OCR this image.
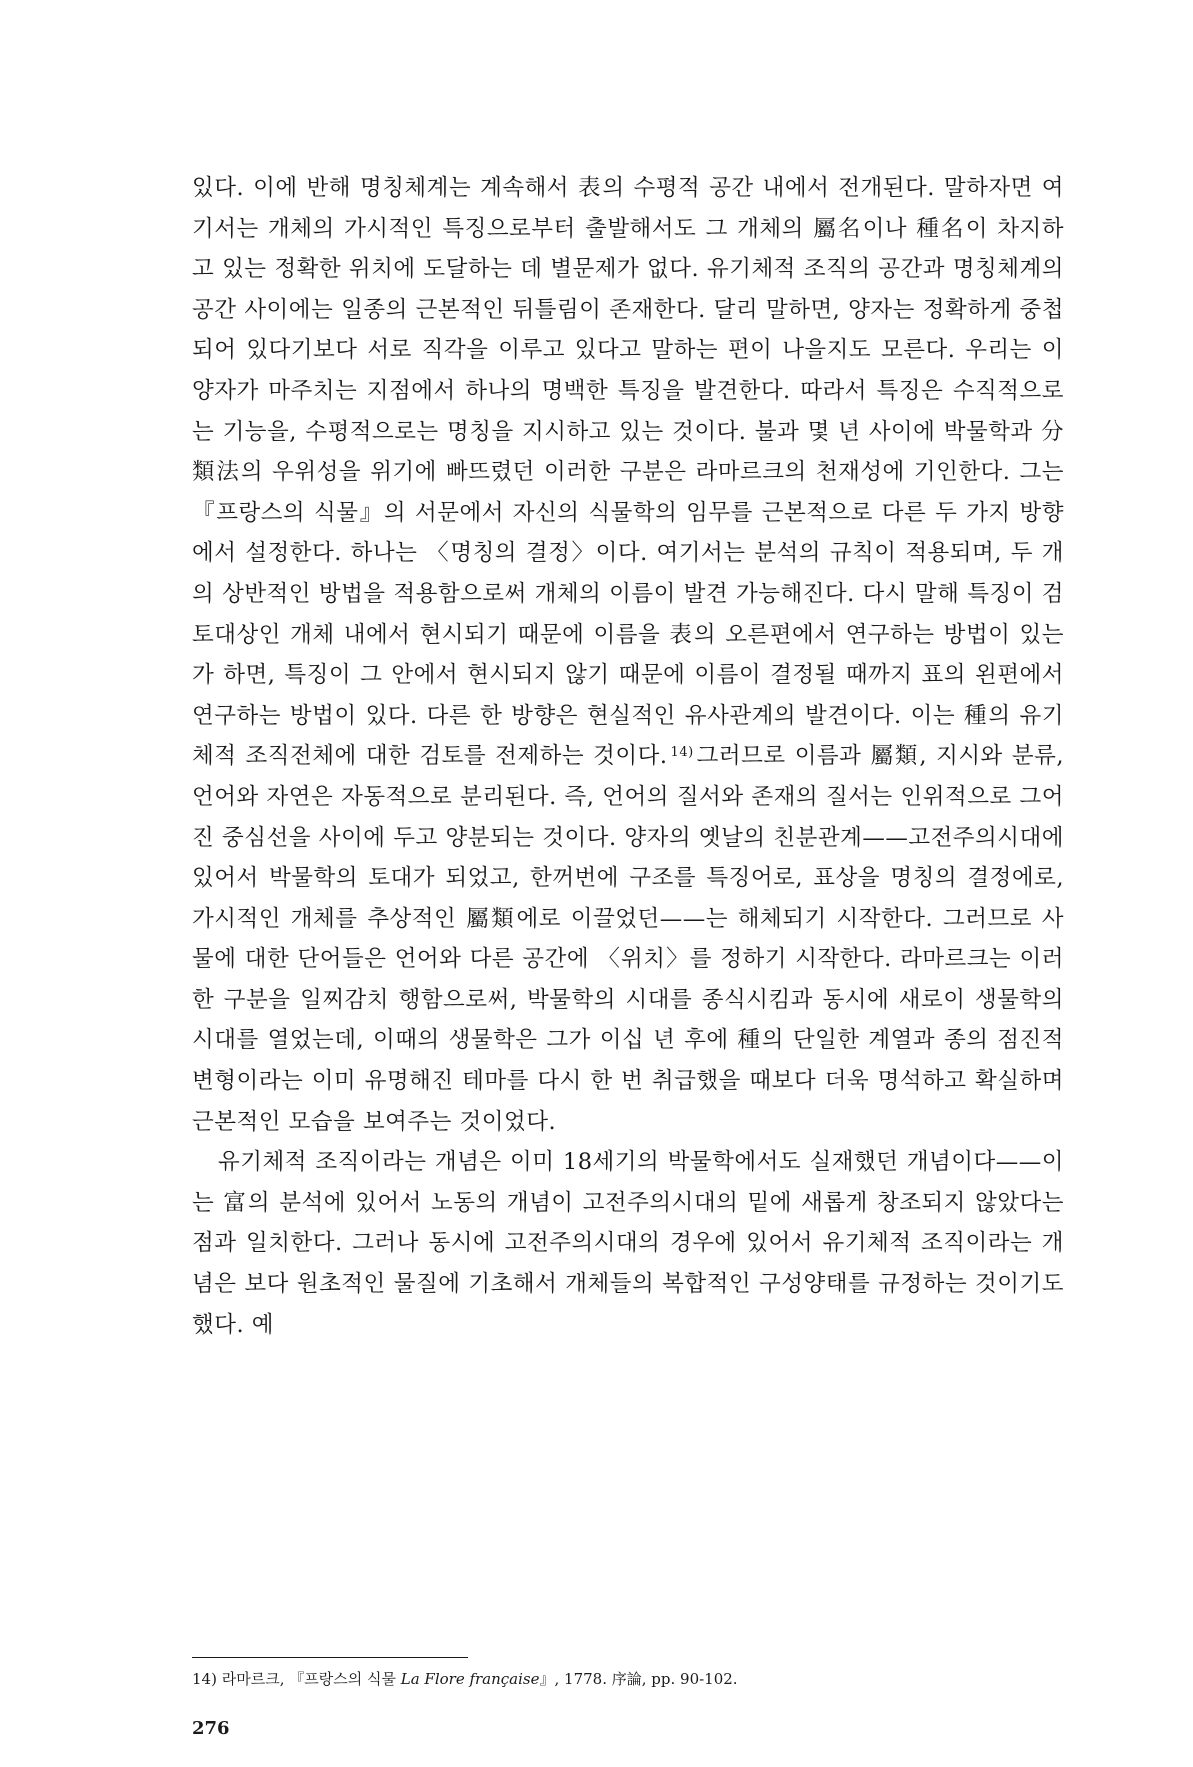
있다. 이에 반해 명칭체계는 계속해서 表의 수평적 공간 내에서 전개된다. 말하자면 여기서는 개체의 가시적인 특징으로부터 출발해서도 그 개체의 屬名이나 種名이 차지하고 있는 정확한 위치에 도달하는 데 별문제가 없다. 유기체적 조직의 공간과 명칭체계의 공간 사이에는 일종의 근본적인 뒤틀림이 존재한다. 달리 말하면, 양자는 정확하게 중첩되어 있다기보다 서로 직각을 이루고 있다고 말하는 편이 나을지도 모른다. 우리는 이 양자가 마주치는 지점에서 하나의 명백한 특징을 발견한다. 따라서 특징은 수직적으로는 기능을, 수평적으로는 명칭을 지시하고 있는 것이다. 불과 몇 년 사이에 박물학과 分類法의 우위성을 위기에 빠뜨렸던 이러한 구분은 라마르크의 천재성에 기인한다. 그는 『프랑스의 식물』의 서문에서 자신의 식물학의 임무를 근본적으로 다른 두 가지 방향에서 설정한다. 하나는 〈명칭의 결정〉이다. 여기서는 분석의 규칙이 적용되며, 두 개의 상반적인 방법을 적용함으로써 개체의 이름이 발견 가능해진다. 다시 말해 특징이 검토대상인 개체 내에서 현시되기 때문에 이름을 表의 오른편에서 연구하는 방법이 있는가 하면, 특징이 그 안에서 현시되지 않기 때문에 이름이 결정될 때까지 표의 왼편에서 연구하는 방법이 있다. 다른 한 방향은 현실적인 유사관계의 발견이다. 이는 種의 유기체적 조직전체에 대한 검토를 전제하는 것이다. $^{14)}$ 그러므로 이름과 屬類, 지시와 분류, 언어와 자연은 자동적으로 분리된다. 즉, 언어의 질서와 존재의 질서는 인위적으로 그어진 중심선을 사이에 두고 양분되는 것이다. 양자의 옛날의 친분관계——고전주의시대에 있어서 박물학의 토대가 되었고, 한꺼번에 구조를 특징어로, 표상을 명칭의 결정에로, 가시적인 개체를 추상적인 屬類에로 이끌었던——는 해체되기 시작한다. 그러므로 사물에 대한 단어들은 언어와 다른 공간에 〈위치〉를 정하기 시작한다. 라마르크는 이러한 구분을 일찌감치 행함으로써, 박물학의 시대를 종식시킴과 동시에 새로이 생물학의 시대를 열었는데, 이때의 생물학은 그가 이십 년 후에 種의 단일한 계열과 종의 점진적 변형이라는 이미 유명해진 테마를 다시 한 번 취급했을 때보다 더욱 명석하고 확실하며 근본적인 모습을 보여주는 것이었다.

유기체적 조직이라는 개념은 이미 18세기의 박물학에서도 실재했던 개념이다——이는 富의 분석에 있어서 노동의 개념이 고전주의시대의 밑에 새롭게 창조되지 않았다는 점과 일치한다. 그러나 동시에 고전주의시대의 경우에 있어서 유기체적 조직이라는 개념은 보다 원초적인 물질에 기초해서 개체들의 복합적인 구성양태를 규정하는 것이기도 했다. 예

14) 라마르크, 『프랑스의 식물 La Flore française』, 1778. 序論, pp. 90-102.
276
